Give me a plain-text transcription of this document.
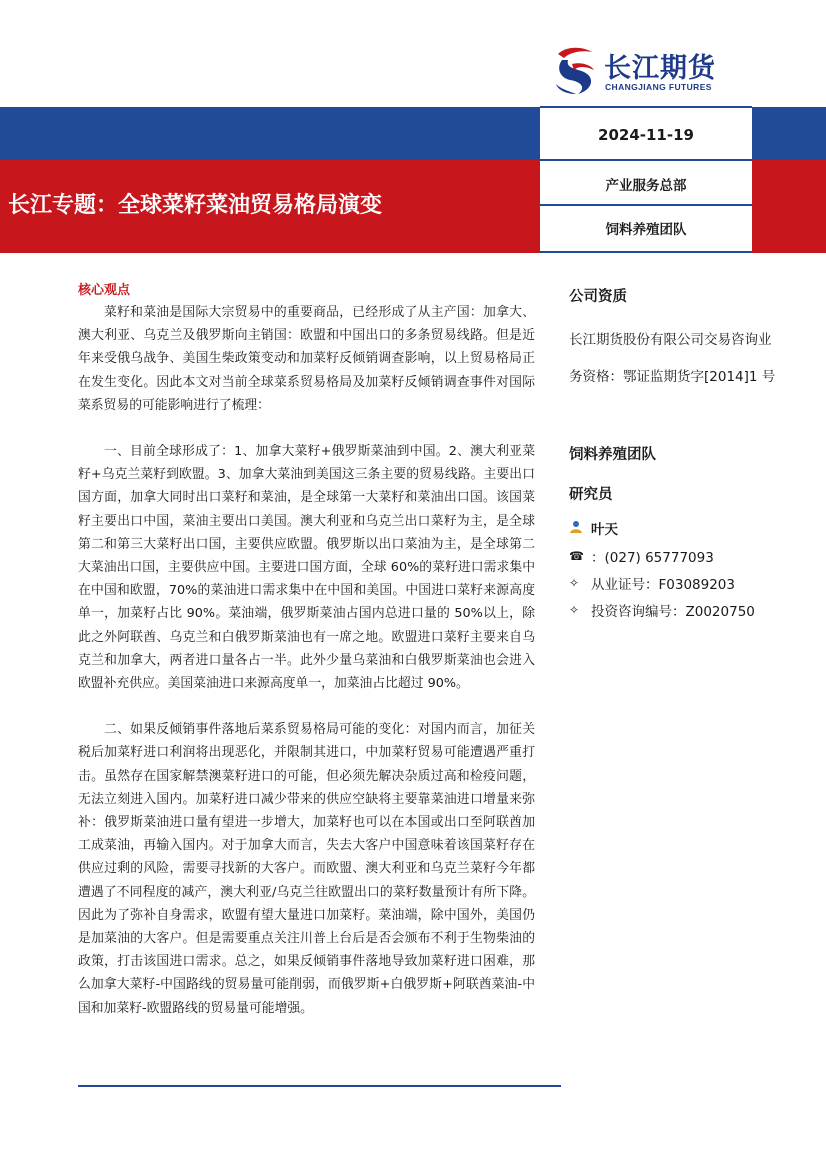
长江期货
CHANGJIANG FUTURES
长江专题：全球菜籽菜油贸易格局演变
2024-11-19
产业服务总部
饲料养殖团队
核心观点

菜籽和菜油是国际大宗贸易中的重要商品，已经形成了从主产国：加拿大、澳大利亚、乌克兰及俄罗斯向主销国：欧盟和中国出口的多条贸易线路。但是近年来受俄乌战争、美国生柴政策变动和加菜籽反倾销调查影响，以上贸易格局正在发生变化。因此本文对当前全球菜系贸易格局及加菜籽反倾销调查事件对国际菜系贸易的可能影响进行了梳理：

一、目前全球形成了：1、加拿大菜籽+俄罗斯菜油到中国。2、澳大利亚菜籽+乌克兰菜籽到欧盟。3、加拿大菜油到美国这三条主要的贸易线路。主要出口国方面，加拿大同时出口菜籽和菜油，是全球第一大菜籽和菜油出口国。该国菜籽主要出口中国，菜油主要出口美国。澳大利亚和乌克兰出口菜籽为主，是全球第二和第三大菜籽出口国，主要供应欧盟。俄罗斯以出口菜油为主，是全球第二大菜油出口国，主要供应中国。主要进口国方面，全球 60%的菜籽进口需求集中在中国和欧盟，70%的菜油进口需求集中在中国和美国。中国进口菜籽来源高度单一，加菜籽占比 90%。菜油端，俄罗斯菜油占国内总进口量的 50%以上，除此之外阿联酋、乌克兰和白俄罗斯菜油也有一席之地。欧盟进口菜籽主要来自乌克兰和加拿大，两者进口量各占一半。此外少量乌菜油和白俄罗斯菜油也会进入欧盟补充供应。美国菜油进口来源高度单一，加菜油占比超过 90%。

二、如果反倾销事件落地后菜系贸易格局可能的变化：对国内而言，加征关税后加菜籽进口利润将出现恶化，并限制其进口，中加菜籽贸易可能遭遇严重打击。虽然存在国家解禁澳菜籽进口的可能，但必须先解决杂质过高和检疫问题，无法立刻进入国内。加菜籽进口减少带来的供应空缺将主要靠菜油进口增量来弥补：俄罗斯菜油进口量有望进一步增大，加菜籽也可以在本国或出口至阿联酋加工成菜油，再输入国内。对于加拿大而言，失去大客户中国意味着该国菜籽存在供应过剩的风险，需要寻找新的大客户。而欧盟、澳大利亚和乌克兰菜籽今年都遭遇了不同程度的减产，澳大利亚/乌克兰往欧盟出口的菜籽数量预计有所下降。因此为了弥补自身需求，欧盟有望大量进口加菜籽。菜油端，除中国外，美国仍是加菜油的大客户。但是需要重点关注川普上台后是否会颁布不利于生物柴油的政策，打击该国进口需求。总之，如果反倾销事件落地导致加菜籽进口困难，那么加拿大菜籽-中国路线的贸易量可能削弱，而俄罗斯+白俄罗斯+阿联酋菜油-中国和加菜籽-欧盟路线的贸易量可能增强。

公司资质
长江期货股份有限公司交易咨询业
务资格：鄂证监期货字[2014]1 号
饲料养殖团队
研究员
叶天
☎ ：(027) 65777093
✧ 从业证号：F03089203
✧ 投资咨询编号：Z0020750
